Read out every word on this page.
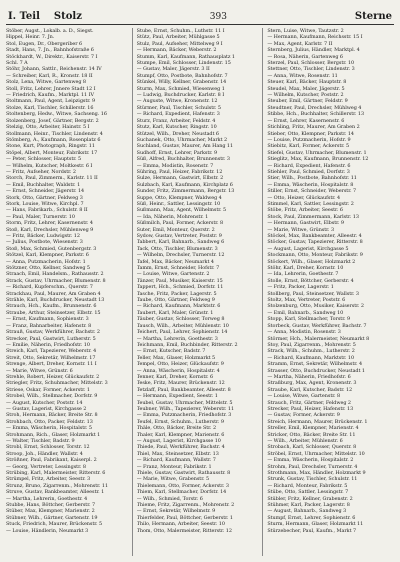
I. Teil Stolz	393	Sterne
Stöber, Augst., Lokalb. a. D., Siegst.
Hippel, Heinr. 7. Jn.
Stol, Eugen, Dr., Obergeriber 6
Stadt, Hans, 7. Jn., Bahnhofstraße 6
Stöckhardt, W., Direktr., Kaiserstr. 7 I
Schl. 7 A
Stöhr, Johann, Sattlr., Reichenstr. 14 IV
— Schreiber, Karl, R., Kronstr. 18 II
Stolz, Lena, Witwe, Gartenweg 8
Stoll, Fritz, Lehrer, Jnnere Stadt 12 I
— Friedrich, Kaufm., Marktpl. 11 IV
Stoltmann, Paul, Agent, Leipzigstr. 9
Stolze, Karl, Tischler, Schillerstr. 16
Stoltenberg, Hedw., Witwe, Sachseng. 16
Stolzenberg, Josef, Gärtner, Bergstr. 2
Stelzig, Otto, Arbeiter, Hainstr. 5 I
Stollmann, Heinr., Tischler, Lindenstr. 4
Stömberg, A., Kaufmann, Rosenplatz 6
Stone, Kurt, Photograph, Ringstr. 11
Stöpel, Albert, Monteur, Fabrikstr. 17
— Peter, Schlosser, Hauptstr. 5
— Wilhelm, Kutscher, Moltkestr. 6 I
— Fritz, Aufseher, Nordstr. 2
Storch, Paul, Zimmerm., Karlstr. 11 II
— Emil, Buchhalter, Waldstr. 1
— Ernst, Schneider, Jägerstr. 14
Stork, Otto, Gärtner, Feldweg 3
Stork, Louise, Witwe, Kirchpl. 7
— Hans, Fabrikarb., Schulstr. 8 II
— Paul, Maler, Turnerstr. 10
Storm, Fritz, Lehrer, Kasernenstr. 4
Stoß, Karl, Drechsler, Mühlenweg 9
— Fritz, Bäcker, Ludwigstr. 12
— Julius, Postbote, Wiesenstr. 3
Stoß, Max, Schmied, Gutenbergstr. 3
Stötzel, Karl, Klempner, Parkstr. 6
— Anna, Putzmacherin, Hofstr. 1
Stötzner, Otto, Kellner, Sandweg 5
Straach, Emil, Handelsm., Rathausstr. 2
Strack, Gustav, Uhrmacher, Blumenstr. 8
— Richard, Kupferschm., Querstr. 7
Strackhau, Paul, Maurer, Am Graben 4
Strähle, Karl, Buchdrucker, Neustadt 13
Strauch, Hch., Kaufm., Brunnenstr. 6
Straube, Arthur, Steinsetzer, Elbstr. 15
— Ernst, Kaufmann, Sophienstr. 3
— Franz, Bahnarbeiter, Hafenstr. 8
Strauß, Gustav, Werkführer, Bachstr. 2
Strecker, Paul, Gastwirt, Lutherstr. 5
— Emilie, Näherin, Friedhofstr. 10
Streich, Karl, Tapezierer, Weberstr. 4
Streit, Otto, Sekretär, Wilhelmstr. 17
Strenge, Albert, Dreher, Kornstr. 11 I
— Marie, Witwe, Grünstr. 6
Strehle, Robert, Heizer, Glückaufstr. 2
Striegler, Fritz, Schuhmacher, Mittelstr. 3
Striese, Oskar, Former, Ackerstr. 1
Strobel, Wilh., Stellmacher, Dorfstr. 9
— August, Kutscher, Poststr. 14
— Gustav, Lagerist, Kirchgasse 2
Stroh, Hermann, Bäcker, Breite Str. 8
Strohbach, Otto, Packer, Feldstr. 13
— Emma, Wäscherin, Hospitalstr. 5
Strohmann, Rich., Glaser, Holzmarkt 1
— Walter, Tischler, Badstr. 9
Strobl, Ernst, Schlosser, Torstr. 12
Stroop, Joh., Händler, Wallstr. 4
Strößner, Paul, Fabrikant, Kaiserpl. 2
— Georg, Vertreter, Lessingstr. 8
Strübing, Karl, Malermeister, Ritterstr. 6
Strümpel, Fritz, Arbeiter, Seestr. 3
Strunz, Bruno, Zigarrenm., Mohrenstr. 11
Struve, Gustav, Bankbeamter, Alleestr. 1
— Martha, Lehrerin, Goethestr. 4
Stubbe, Hans, Böttcher, Gerberstr. 7
Stüber, Max, Klempner, Marienstr. 2
Stübner, Wilh., Gärtner, Gartenstr. 19
Stuck, Friedrich, Maurer, Brückenstr. 5
— Louise, Händlerin, Neumarkt 3
Stube, Ernst, Schuhm., Luthstr. 11 I
Stütz, Paul, Arbeiter, Mühlgasse 5
Stulz, Paul, Aufseher, Mittelweg 9 I
— Hermann, Bäcker, Weberstr. 2
Stumm, Karl, Kaufmann, Rathausplatz 1
Stumpe, Emil, Schlosser, Lindenstr. 15
— Gustav, Maler, Jägerstr. 3 II
Stumpf, Otto, Postbote, Bahnhofstr. 7
Stünkel, Willy, Kellner, Grabenstr. 14
Sturm, Max, Schmied, Wiesenweg 1
— Ludwig, Buchdrucker, Karlstr. 8 I
— Auguste, Witwe, Kronenstr. 12
Stürmer, Paul, Tischler, Schulstr. 5
— Richard, Expedient, Hafenstr. 3
Sturz, Franz, Arbeiter, Feldstr. 4
Stutz, Karl, Kutscher, Ringstr. 10
Stützel, Wilh., Dreher, Neustadt 6
Suchanek, Otto, Uhrmacher, Markt 2
Suchland, Gustav, Maurer, Am Hang 11
Sudhoff, Ernst, Lehrer, Parkstr. 9
Süß, Alfred, Buchhalter, Brunnenstr. 3
— Emma, Modistin, Rosenstr. 7
Sühring, Paul, Heizer, Fabrikstr. 12
Sulze, Hermann, Gastwirt, Elbstr. 2
Sulzbach, Karl, Kaufmann, Kirchplatz 6
Sunder, Fritz, Zimmermann, Bergstr. 13
Suppe, Otto, Klempner, Waldweg 4
Süß, Heinr., Sattler, Lessingstr. 10
Sußmann, Max, Agent, Wilhelmstr. 5
— Ida, Näherin, Mohrenstr. 1
Süßmilch, Paul, Former, Ackerstr. 8
Suter, Emil, Monteur, Querstr. 2
Sydow, Gustav, Vertreter, Poststr. 9
Tabbert, Karl, Bahnarb., Sandweg 6
Tack, Otto, Tischler, Blumenstr. 3
— Wilhelm, Drechsler, Turnerstr. 12
Tafel, Max, Bäcker, Neumarkt 4
Tamm, Ernst, Schneider, Hofstr. 7
— Louise, Witwe, Gartenstr. 2
Tänzer, Paul, Musiker, Kaiserstr. 15
Tappert, Hch., Schmied, Dorfstr. 11
Tasche, Fritz, Packer, Lagerstr. 5
Taube, Otto, Gärtner, Feldweg 9
— Richard, Kaufmann, Marktstr. 6
Taubert, Karl, Maler, Grünstr. 1
Täuber, Gustav, Schlosser, Torweg 8
Tausch, Wilh., Arbeiter, Mühlenstr. 10
Teichert, Paul, Lehrer, Sophienstr. 14
— Martha, Lehrerin, Goethestr. 3
Teichmann, Emil, Buchbinder, Ritterstr. 2
— Ernst, Kutscher, Badstr. 7
Teller, Max, Glaser, Holzmarkt 5
Tempel, Otto, Heizer, Glückaufstr. 9
— Anna, Wäscherin, Hospitalstr. 4
Tenner, Karl, Dreher, Kornstr. 6
Teske, Fritz, Maurer, Brückenstr. 12
Tetzlaff, Paul, Bankbeamter, Alleestr. 8
— Hermann, Expedient, Seestr. 1
Teubel, Gustav, Uhrmacher, Mittelstr. 5
Teubner, Wilh., Tapezierer, Weberstr. 11
— Emma, Putzmacherin, Friedhofstr. 3
Teufel, Ernst, Schuhm., Lutherstr. 9
Thäle, Otto, Bäcker, Breite Str. 2
Thaler, Karl, Klempner, Marienstr. 6
— August, Lagerist, Kirchgasse 10
Thiede, Paul, Werkführer, Bachstr. 4
Thiel, Max, Steinsetzer, Elbstr. 13
— Richard, Kaufmann, Wallstr. 7
— Franz, Monteur, Fabrikstr. 1
Thiele, Gustav, Gastwirt, Rathausstr. 8
— Marie, Witwe, Grabenstr. 5
Thielemann, Otto, Former, Ackerstr. 3
Thiem, Karl, Stellmacher, Dorfstr. 14
— Wilh., Schmied, Torstr. 6
Thieme, Fritz, Zigarrenm., Mohrenstr. 2
— Ernst, Sekretär, Wilhelmstr. 9
Thierfelder, Paul, Böttcher, Gerberstr. 1
Thilo, Hermann, Arbeiter, Seestr. 10
Thom, Otto, Malermeister, Ritterstr. 12
Stern, Luise, Witwe, Tautzstr. 2
— Hermann, Kaufmann, Reichsstr. 15 I
— Max, Agent, Karlstr. 7 II
Sternberg, Julius, Händler, Marktpl. 4
— Rosa, Näherin, Gartenweg 6
Sterzel, Paul, Schlosser, Bergstr. 10
Stettner, Otto, Tischler, Lindenstr. 3
— Anna, Witwe, Rosenstr. 11
Steuer, Karl, Bäcker, Hauptstr. 8
Steudel, Max, Maler, Jägerstr. 5
— Wilhelm, Kutscher, Poststr. 2
Steuber, Emil, Gärtner, Feldstr. 9
Steudtner, Paul, Drechsler, Mühlweg 4
Stibbe, Hch., Buchhalter, Schillerstr. 13
— Ernst, Lehrer, Kasernenstr. 6
Stichling, Fritz, Maurer, Am Graben 2
Stieber, Otto, Klempner, Parkstr. 14
— Louise, Putzmacherin, Hofstr. 9
Stiebitz, Karl, Former, Ackerstr. 5
Stiefel, Gustav, Uhrmacher, Blumenstr. 1
Stieglitz, Max, Kaufmann, Brunnenstr. 12
— Richard, Expedient, Hafenstr. 6
Stiehler, Paul, Schmied, Dorfstr. 3
Stier, Wilh., Postbote, Bahnhofstr. 11
— Emma, Wäscherin, Hospitalstr. 8
Stiller, Ernst, Schneider, Weberstr. 7
— Otto, Heizer, Glückaufstr. 4
Stimmel, Karl, Sattler, Lessingstr. 2
Stöbe, Fritz, Arbeiter, Seestr. 6
Stock, Paul, Zimmermann, Karlstr. 13
— Hermann, Gastwirt, Elbstr. 9
— Marie, Witwe, Grünstr. 3
Stöckel, Max, Bankbeamter, Alleestr. 4
Stöcker, Gustav, Tapezierer, Ritterstr. 8
— August, Lagerist, Kirchgasse 5
Stockmann, Otto, Monteur, Fabrikstr. 9
Stöckert, Wilh., Glaser, Holzmarkt 2
Stöhr, Karl, Dreher, Kornstr. 10
— Ida, Lehrerin, Goethestr. 7
Stolle, Ernst, Böttcher, Gerberstr. 4
— Fritz, Packer, Lagerstr. 1
Stollberg, Paul, Steinsetzer, Wallstr. 3
Stoltz, Max, Vertreter, Poststr. 6
Stolzenburg, Otto, Musiker, Kaiserstr. 2
— Emil, Bahnarb., Sandweg 10
Stopp, Karl, Stellmacher, Torstr. 9
Storbeck, Gustav, Werkführer, Bachstr. 7
— Anna, Modistin, Rosenstr. 3
Störmer, Hch., Malermeister, Neumarkt 8
Stoy, Paul, Zigarrenm., Mohrenstr. 5
Strack, Wilh., Schuhm., Lutherstr. 2
— Richard, Kaufmann, Marktstr. 10
Stramm, Ernst, Sekretär, Wilhelmstr. 4
Strasser, Otto, Buchdrucker, Neustadt 1
— Martha, Näherin, Friedhofstr. 6
Straßburg, Max, Agent, Kronenstr. 3
Straube, Karl, Kutscher, Badstr. 12
— Louise, Witwe, Gartenstr. 8
Strauch, Fritz, Gärtner, Feldweg 2
Strecker, Paul, Heizer, Hafenstr. 13
— Gustav, Former, Ackerstr. 9
Streich, Hermann, Maurer, Brückenstr. 1
Streller, Emil, Klempner, Marienstr. 4
Stricker, Otto, Bäcker, Breite Str. 11
— Wilh., Arbeiter, Mühlenstr. 6
Strobach, Karl, Schlosser, Querstr. 8
Ströbel, Ernst, Uhrmacher, Mittelstr. 10
— Emma, Wäscherin, Hospitalstr. 2
Strohm, Paul, Drechsler, Turnerstr. 4
Strothmann, Max, Händler, Holzmarkt 9
Strunk, Gustav, Tischler, Schulstr. 11
— Richard, Monteur, Fabrikstr. 5
Stübe, Otto, Sattler, Lessingstr. 7
Stübler, Fritz, Kellner, Grabenstr. 2
Stühmer, Karl, Packer, Lagerstr. 8
— August, Bahnarb., Sandweg 3
Stumpf, Ernst, Lehrer, Sophienstr. 6
Sturm, Hermann, Glaser, Holzmarkt 11
Stürzebecher, Paul, Kaufm., Markt 7
